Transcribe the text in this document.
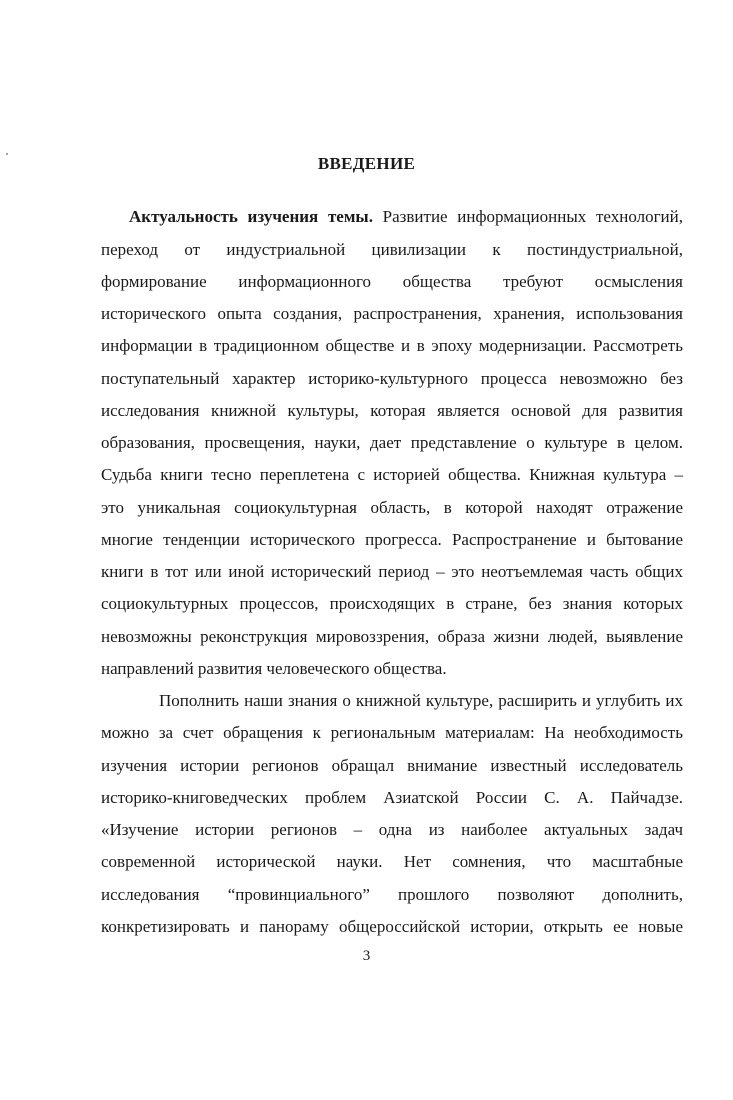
ВВЕДЕНИЕ
Актуальность изучения темы. Развитие информационных технологий,
переход от индустриальной цивилизации к постиндустриальной,
формирование информационного общества требуют осмысления
исторического опыта создания, распространения, хранения, использования
информации в традиционном обществе и в эпоху модернизации. Рассмотреть
поступательный характер историко-культурного процесса невозможно без
исследования книжной культуры, которая является основой для развития
образования, просвещения, науки, дает представление о культуре в целом.
Судьба книги тесно переплетена с историей общества. Книжная культура –
это уникальная социокультурная область, в которой находят отражение
многие тенденции исторического прогресса. Распространение и бытование
книги в тот или иной исторический период – это неотъемлемая часть общих
социокультурных процессов, происходящих в стране, без знания которых
невозможны реконструкция мировоззрения, образа жизни людей, выявление
направлений развития человеческого общества.
Пополнить наши знания о книжной культуре, расширить и углубить их
можно за счет обращения к региональным материалам: На необходимость
изучения истории регионов обращал внимание известный исследователь
историко-книговедческих проблем Азиатской России С. А. Пайчадзе.
«Изучение истории регионов – одна из наиболее актуальных задач
современной исторической науки. Нет сомнения, что масштабные
исследования “провинциального” прошлого позволяют дополнить,
конкретизировать и панораму общероссийской истории, открыть ее новые
3
